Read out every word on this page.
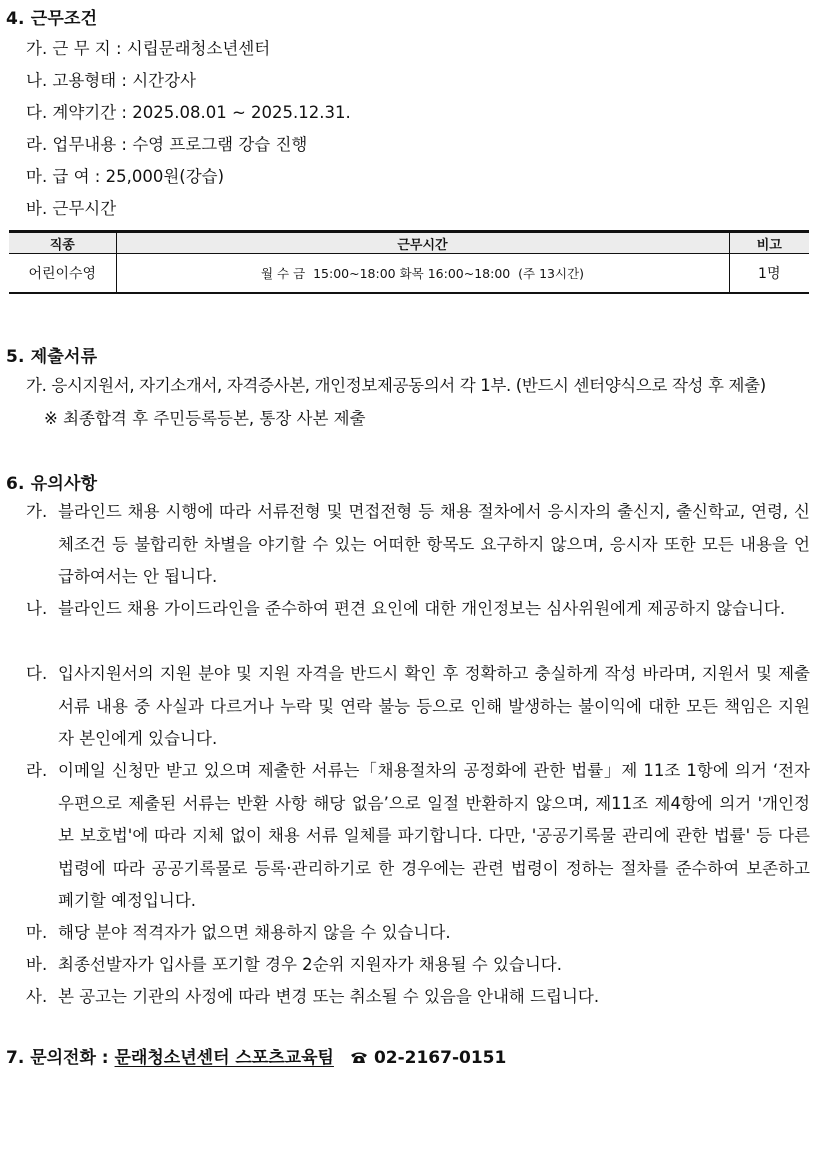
4. 근무조건
가. 근 무 지 : 시립문래청소년센터
나. 고용형태 : 시간강사
다. 계약기간 : 2025.08.01 ~ 2025.12.31.
라. 업무내용 : 수영 프로그램 강습 진행
마. 급 여 : 25,000원(강습)
바. 근무시간
직종	근무시간	비고
어린이수영	월 수 금  15:00~18:00 화목 16:00~18:00  (주 13시간)	1명
5. 제출서류
가. 응시지원서, 자기소개서, 자격증사본, 개인정보제공동의서 각 1부. (반드시 센터양식으로 작성 후 제출)
※ 최종합격 후 주민등록등본, 통장 사본 제출
6. 유의사항
가. 블라인드 채용 시행에 따라 서류전형 및 면접전형 등 채용 절차에서 응시자의 출신지, 출신학교, 연령, 신체조건 등 불합리한 차별을 야기할 수 있는 어떠한 항목도 요구하지 않으며, 응시자 또한 모든 내용을 언급하여서는 안 됩니다.
나. 블라인드 채용 가이드라인을 준수하여 편견 요인에 대한 개인정보는 심사위원에게 제공하지 않습니다.
다. 입사지원서의 지원 분야 및 지원 자격을 반드시 확인 후 정확하고 충실하게 작성 바라며, 지원서 및 제출 서류 내용 중 사실과 다르거나 누락 및 연락 불능 등으로 인해 발생하는 불이익에 대한 모든 책임은 지원자 본인에게 있습니다.
라. 이메일 신청만 받고 있으며 제출한 서류는「채용절차의 공정화에 관한 법률」제 11조 1항에 의거 ‘전자우편으로 제출된 서류는 반환 사항 해당 없음’으로 일절 반환하지 않으며, 제11조 제4항에 의거 '개인정보 보호법'에 따라 지체 없이 채용 서류 일체를 파기합니다. 다만, '공공기록물 관리에 관한 법률' 등 다른 법령에 따라 공공기록물로 등록·관리하기로 한 경우에는 관련 법령이 정하는 절차를 준수하여 보존하고 폐기할 예정입니다.
마. 해당 분야 적격자가 없으면 채용하지 않을 수 있습니다.
바. 최종선발자가 입사를 포기할 경우 2순위 지원자가 채용될 수 있습니다.
사. 본 공고는 기관의 사정에 따라 변경 또는 취소될 수 있음을 안내해 드립니다.
7. 문의전화 : 문래청소년센터 스포츠교육팀 02-2167-0151
